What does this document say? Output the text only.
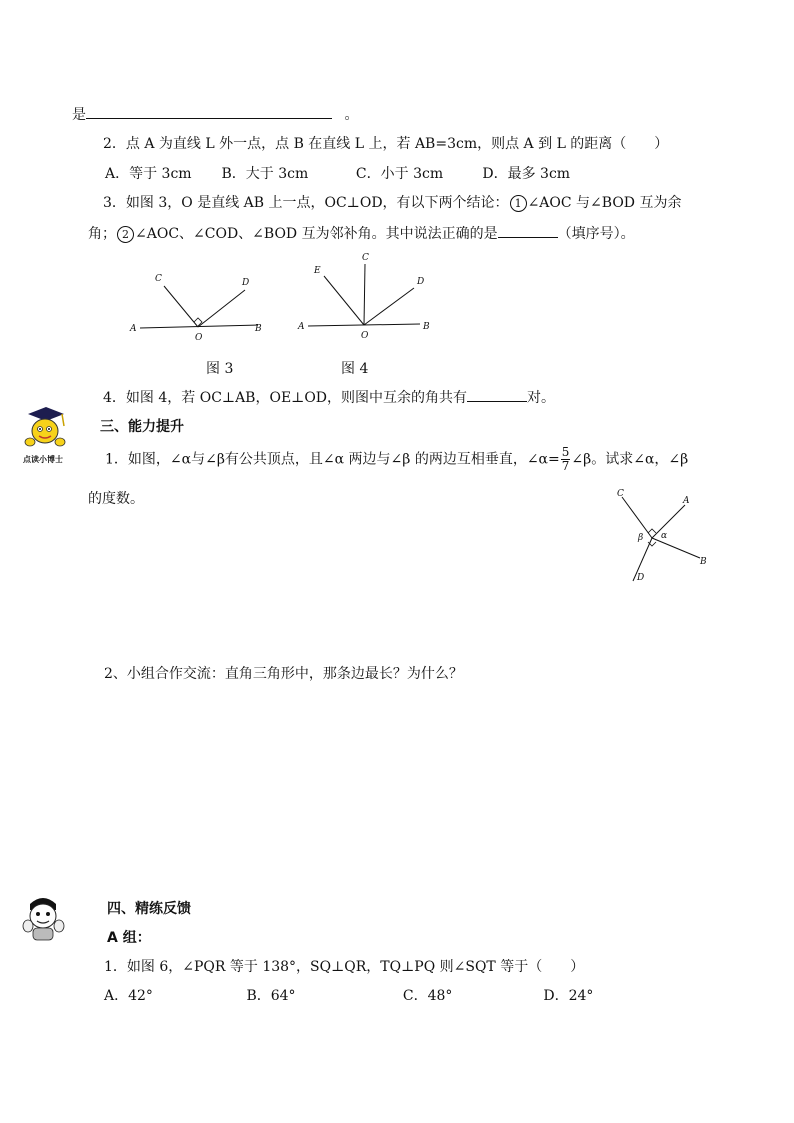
是	。
2．点 A 为直线 L 外一点，点 B 在直线 L 上，若 AB=3cm，则点 A 到 L 的距离（　　）
A．等于 3cm B．大于 3cm	C．小于 3cm	D．最多 3cm
3．如图 3，O 是直线 AB 上一点，OC⊥OD，有以下两个结论： 1 ∠AOC 与∠BOD 互为余
角； 2 ∠AOC、∠COD、∠BOD 互为邻补角。其中说法正确的是	（填序号）。
A	B
C	D
O
图 3
A	B
C
D
E
O
图 4
4．如图 4，若 OC⊥AB，OE⊥OD，则图中互余的角共有	对。
点读小博士
三、能力提升
1．如图，∠α与∠β有公共顶点，且∠α 两边与∠β 的两边互相垂直，∠α= $\frac{5}{7}$ ∠β。试求∠α，∠β
的度数。	C
A
B
D
α
β
2、小组合作交流：直角三角形中，那条边最长？为什么？
四、精练反馈
A 组：
1．如图 6，∠PQR 等于 138°，SQ⊥QR，TQ⊥PQ 则∠SQT 等于（　　）
A．42°	B．64°	C．48°	D．24°
